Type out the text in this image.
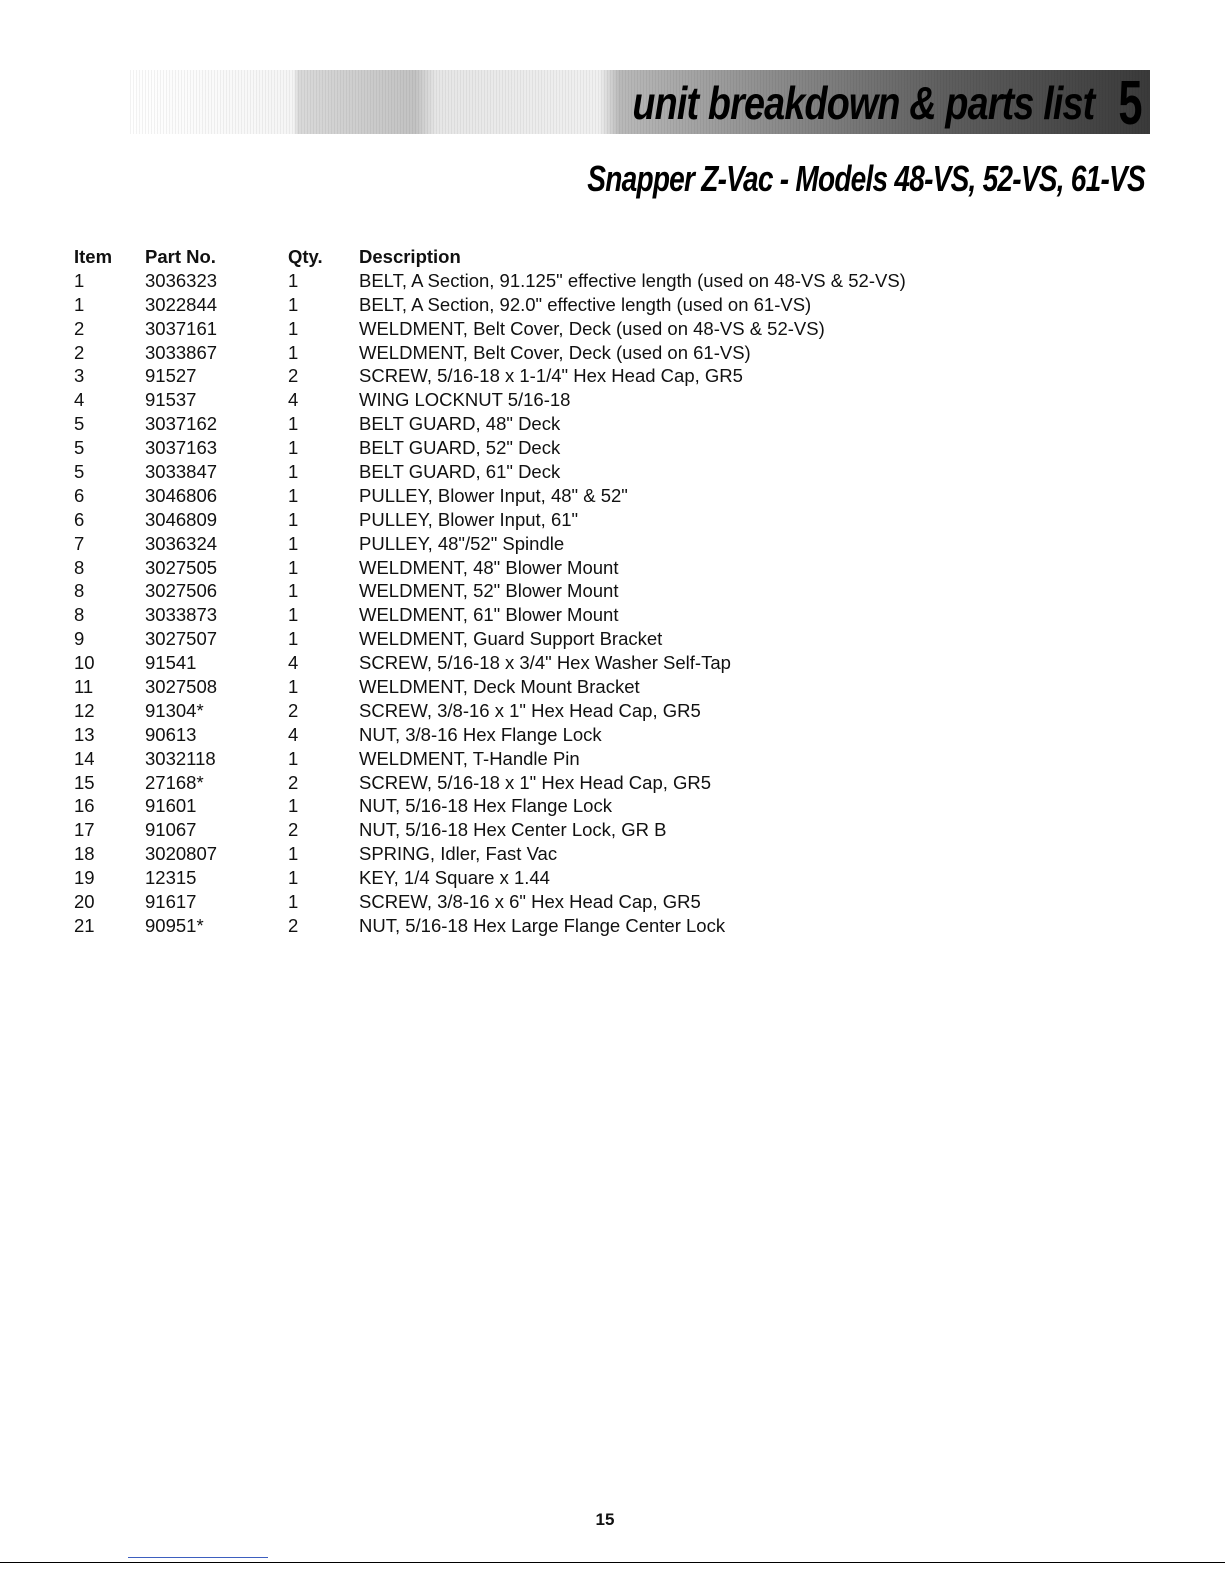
unit breakdown & parts list 5
Snapper Z-Vac - Models 48-VS, 52-VS, 61-VS
Item	Part No.	Qty.	Description
1	3036323	1	BELT, A Section, 91.125" effective length (used on 48-VS & 52-VS)
1	3022844	1	BELT, A Section, 92.0" effective length (used on 61-VS)
2	3037161	1	WELDMENT, Belt Cover, Deck (used on 48-VS & 52-VS)
2	3033867	1	WELDMENT, Belt Cover, Deck (used on 61-VS)
3	91527	2	SCREW, 5/16-18 x 1-1/4" Hex Head Cap, GR5
4	91537	4	WING LOCKNUT 5/16-18
5	3037162	1	BELT GUARD, 48" Deck
5	3037163	1	BELT GUARD, 52" Deck
5	3033847	1	BELT GUARD, 61" Deck
6	3046806	1	PULLEY, Blower Input, 48" & 52"
6	3046809	1	PULLEY, Blower Input, 61"
7	3036324	1	PULLEY, 48"/52" Spindle
8	3027505	1	WELDMENT, 48" Blower Mount
8	3027506	1	WELDMENT, 52" Blower Mount
8	3033873	1	WELDMENT, 61" Blower Mount
9	3027507	1	WELDMENT, Guard Support Bracket
10	91541	4	SCREW, 5/16-18 x 3/4" Hex Washer Self-Tap
11	3027508	1	WELDMENT, Deck Mount Bracket
12	91304*	2	SCREW, 3/8-16 x 1" Hex Head Cap, GR5
13	90613	4	NUT, 3/8-16 Hex Flange Lock
14	3032118	1	WELDMENT, T-Handle Pin
15	27168*	2	SCREW, 5/16-18 x 1" Hex Head Cap, GR5
16	91601	1	NUT, 5/16-18 Hex Flange Lock
17	91067	2	NUT, 5/16-18 Hex Center Lock, GR B
18	3020807	1	SPRING, Idler, Fast Vac
19	12315	1	KEY, 1/4 Square x 1.44
20	91617	1	SCREW, 3/8-16 x 6" Hex Head Cap, GR5
21	90951*	2	NUT, 5/16-18 Hex Large Flange Center Lock
15
